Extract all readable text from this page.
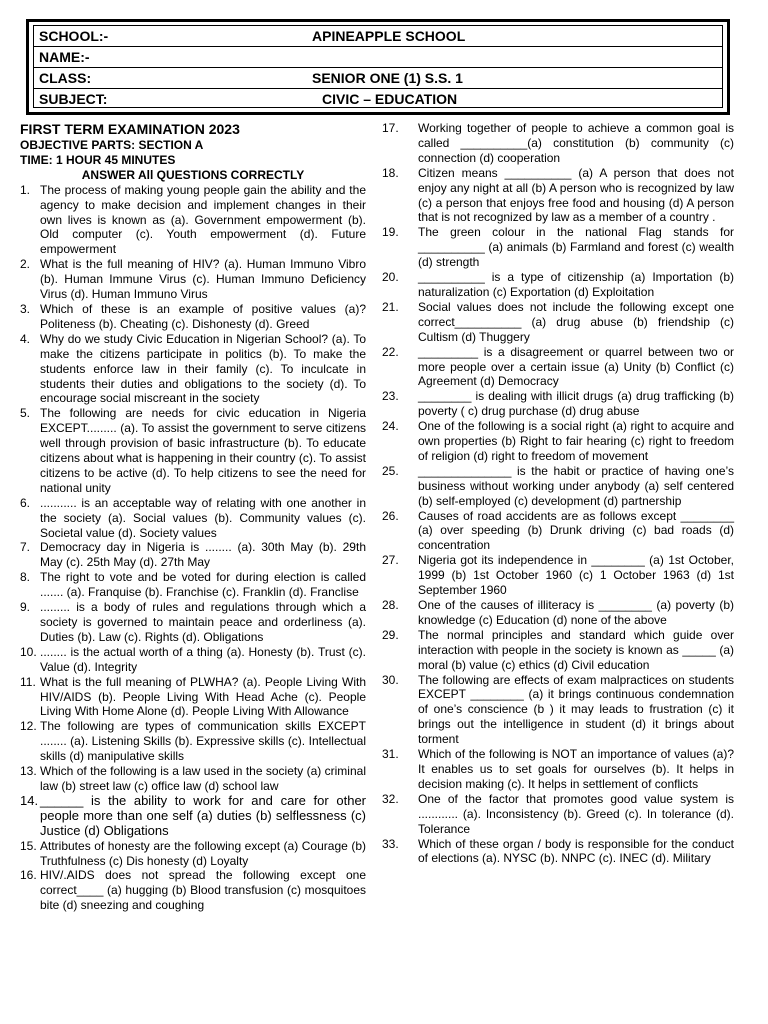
SCHOOL:-	APINEAPPLE SCHOOL
NAME:-
CLASS:	SENIOR ONE (1) S.S. 1
SUBJECT:	CIVIC – EDUCATION
FIRST TERM EXAMINATION 2023
OBJECTIVE PARTS: SECTION A
TIME: 1 HOUR 45 MINUTES
ANSWER All QUESTIONS CORRECTLY
1. The process of making young people gain the ability and the agency to make decision and implement changes in their own lives is known as (a). Government empowerment (b). Old computer (c). Youth empowerment (d). Future empowerment
2. What is the full meaning of HIV? (a). Human Immuno Vibro (b). Human Immune Virus (c). Human Immuno Deficiency Virus (d). Human Immuno Virus
3. Which of these is an example of positive values (a)? Politeness (b). Cheating (c). Dishonesty (d). Greed
4. Why do we study Civic Education in Nigerian School? (a). To make the citizens participate in politics (b). To make the students enforce law in their family (c). To inculcate in students their duties and obligations to the society (d). To encourage social miscreant in the society
5. The following are needs for civic education in Nigeria EXCEPT......... (a). To assist the government to serve citizens well through provision of basic infrastructure (b). To educate citizens about what is happening in their country (c). To assist citizens to be active (d). To help citizens to see the need for national unity
6. ........... is an acceptable way of relating with one another in the society (a). Social values (b). Community values (c). Societal value (d). Society values
7. Democracy day in Nigeria is ........ (a). 30th May (b). 29th May (c). 25th May (d). 27th May
8. The right to vote and be voted for during election is called ....... (a). Franquise (b). Franchise (c). Franklin (d). Franclise
9. ......... is a body of rules and regulations through which a society is governed to maintain peace and orderliness (a). Duties (b). Law (c). Rights (d). Obligations
10. ........ is the actual worth of a thing (a). Honesty (b). Trust (c). Value (d). Integrity
11. What is the full meaning of PLWHA? (a). People Living With HIV/AIDS (b). People Living With Head Ache (c). People Living With Home Alone (d). People Living With Allowance
12. The following are types of communication skills EXCEPT ........ (a). Listening Skills (b). Expressive skills (c). Intellectual skills (d) manipulative skills
13. Which of the following is a law used in the society (a) criminal law (b) street law (c) office law (d) school law
14. ______ is the ability to work for and care for other people more than one self (a) duties (b) selflessness (c) Justice (d) Obligations
15. Attributes of honesty are the following except (a) Courage (b) Truthfulness (c) Dis honesty (d) Loyalty
16. HIV/.AIDS does not spread the following except one correct____ (a) hugging (b) Blood transfusion (c) mosquitoes bite (d) sneezing and coughing
17. Working together of people to achieve a common goal is called __________(a) constitution (b) community (c) connection (d) cooperation
18. Citizen means __________ (a) A person that does not enjoy any night at all (b) A person who is recognized by law (c) a person that enjoys free food and housing (d) A person that is not recognized by law as a member of a country .
19. The green colour in the national Flag stands for __________ (a) animals (b) Farmland and forest (c) wealth (d) strength
20. __________ is a type of citizenship (a) Importation (b) naturalization (c) Exportation (d) Exploitation
21. Social values does not include the following except one correct__________ (a) drug abuse (b) friendship (c) Cultism (d) Thuggery
22. _________ is a disagreement or quarrel between two or more people over a certain issue (a) Unity (b) Conflict (c) Agreement (d) Democracy
23. ________ is dealing with illicit drugs (a) drug trafficking (b) poverty ( c) drug purchase (d) drug abuse
24. One of the following is a social right (a) right to acquire and own properties (b) Right to fair hearing (c) right to freedom of religion (d) right to freedom of movement
25. ______________ is the habit or practice of having one’s business without working under anybody (a) self centered (b) self-employed (c) development (d) partnership
26. Causes of road accidents are as follows except ________ (a) over speeding (b) Drunk driving (c) bad roads (d) concentration
27. Nigeria got its independence in ________ (a) 1st October, 1999 (b) 1st October 1960 (c) 1 October 1963 (d) 1st September 1960
28. One of the causes of illiteracy is ________ (a) poverty (b) knowledge (c) Education (d) none of the above
29. The normal principles and standard which guide over interaction with people in the society is known as _____ (a) moral (b) value (c) ethics (d) Civil education
30. The following are effects of exam malpractices on students EXCEPT ________ (a) it brings continuous condemnation of one’s conscience (b ) it may leads to frustration (c) it brings out the intelligence in student (d) it brings about torment
31. Which of the following is NOT an importance of values (a)? It enables us to set goals for ourselves (b). It helps in decision making (c). It helps in settlement of conflicts
32. One of the factor that promotes good value system is ............ (a). Inconsistency (b). Greed (c). In tolerance (d). Tolerance
33. Which of these organ / body is responsible for the conduct of elections (a). NYSC (b). NNPC (c). INEC (d). Military
